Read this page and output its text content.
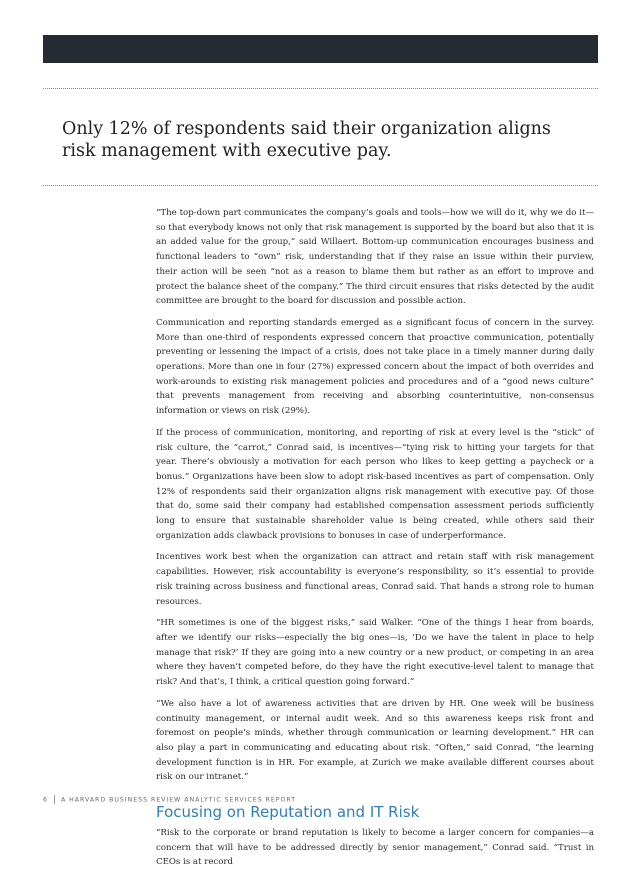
Only 12% of respondents said their organization aligns risk management with executive pay.

“The top-down part communicates the company’s goals and tools—how we will do it, why we do it—so that everybody knows not only that risk management is supported by the board but also that it is an added value for the group,” said Willaert. Bottom-up communication encourages business and functional leaders to “own” risk, understanding that if they raise an issue within their purview, their action will be seen “not as a reason to blame them but rather as an effort to improve and protect the balance sheet of the company.” The third circuit ensures that risks detected by the audit committee are brought to the board for discussion and possible action.

Communication and reporting standards emerged as a significant focus of concern in the survey. More than one-third of respondents expressed concern that proactive communication, potentially preventing or lessening the impact of a crisis, does not take place in a timely manner during daily operations. More than one in four (27%) expressed concern about the impact of both overrides and work-arounds to existing risk management policies and procedures and of a “good news culture” that prevents management from receiving and absorbing counterintuitive, non-consensus information or views on risk (29%).

If the process of communication, monitoring, and reporting of risk at every level is the “stick” of risk culture, the “carrot,” Conrad said, is incentives—“tying risk to hitting your targets for that year. There’s obviously a motivation for each person who likes to keep getting a paycheck or a bonus.” Organizations have been slow to adopt risk-based incentives as part of compensation. Only 12% of respondents said their organization aligns risk management with executive pay. Of those that do, some said their company had established compensation assessment periods sufficiently long to ensure that sustainable shareholder value is being created, while others said their organization adds clawback provisions to bonuses in case of underperformance.

Incentives work best when the organization can attract and retain staff with risk management capabilities. However, risk accountability is everyone’s responsibility, so it’s essential to provide risk training across business and functional areas, Conrad said. That hands a strong role to human resources.

“HR sometimes is one of the biggest risks,” said Walker. “One of the things I hear from boards, after we identify our risks—especially the big ones—is, ‘Do we have the talent in place to help manage that risk?’ If they are going into a new country or a new product, or competing in an area where they haven’t competed before, do they have the right executive-level talent to manage that risk? And that’s, I think, a critical question going forward.”

“We also have a lot of awareness activities that are driven by HR. One week will be business continuity management, or internal audit week. And so this awareness keeps risk front and foremost on people’s minds, whether through communication or learning development.” HR can also play a part in communicating and educating about risk. “Often,” said Conrad, “the learning development function is in HR. For example, at Zurich we make available different courses about risk on our intranet.”

Focusing on Reputation and IT Risk

“Risk to the corporate or brand reputation is likely to become a larger concern for companies—a concern that will have to be addressed directly by senior management,” Conrad said. “Trust in CEOs is at record

6 A HARVARD BUSINESS REVIEW ANALYTIC SERVICES REPORT
